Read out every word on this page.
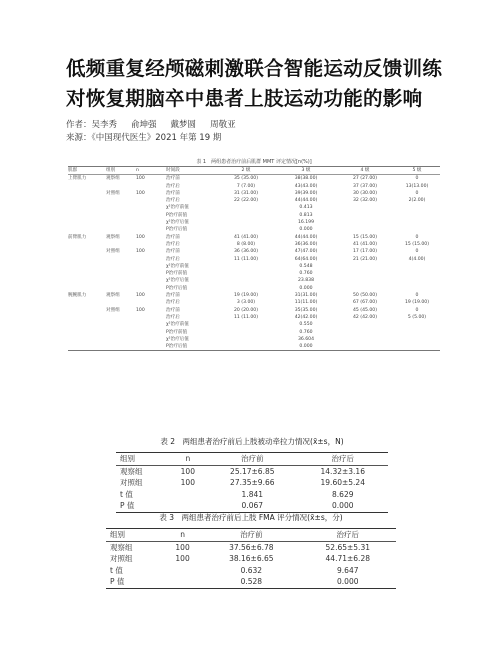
低频重复经颅磁刺激联合智能运动反馈训练
对恢复期脑卒中患者上肢运动功能的影响
作者：吴李秀 俞坤强 戴梦圆 周敬亚
来源：《中国现代医生》2021 年第 19 期
表 1　两组患者治疗前后肌群 MMT 评定情况[n(%)]
肌群	组别	n	时间段	2 级	3 级	4 级	5 级
上臂肌力	观察组	100	治疗前	35 (35.00)	38(38.00)	27 (27.00)	0
			治疗后	7 (7.00)	43(43.00)	37 (37.00)	13(13.00)
	对照组	100	治疗前	31 (31.00)	39(39.00)	30 (30.00)	0
			治疗后	22 (22.00)	44(44.00)	32 (32.00)	2(2.00)
			χ²治疗前值		0.413		
			P治疗前值		0.813		
			χ²治疗后值		16.199		
			P治疗后值		0.000		
前臂肌力	观察组	100	治疗前	41 (41.00)	44(44.00)	15 (15.00)	0
			治疗后	8 (8.00)	36(36.00)	41 (41.00)	15 (15.00)
	对照组	100	治疗前	36 (36.00)	47(47.00)	17 (17.00)	0
			治疗后	11 (11.00)	64(64.00)	21 (21.00)	4(4.00)
			χ²治疗前值		0.548		
			P治疗前值		0.760		
			χ²治疗后值		23.838		
			P治疗后值		0.000		
腕腕肌力	观察组	100	治疗前	19 (19.00)	31(31.00)	50 (50.00)	0
			治疗后	3 (3.00)	11(11.00)	67 (67.00)	19 (19.00)
	对照组	100	治疗前	20 (20.00)	35(35.00)	45 (45.00)	0
			治疗后	11 (11.00)	42(42.00)	42 (42.00)	5 (5.00)
			χ²治疗前值		0.550		
			P治疗前值		0.760		
			χ²治疗后值		36.604		
			P治疗后值		0.000		
表 2　两组患者治疗前后上肢被动牵拉力情况(x̄±s，N)
组别	n	治疗前	治疗后
观察组	100	25.17±6.85	14.32±3.16
对照组	100	27.35±9.66	19.60±5.24
t 值		1.841	8.629
P 值		0.067	0.000
表 3　两组患者治疗前后上肢 FMA 评分情况(x̄±s，分)
组别	n	治疗前	治疗后
观察组	100	37.56±6.78	52.65±5.31
对照组	100	38.16±6.65	44.71±6.28
t 值		0.632	9.647
P 值		0.528	0.000
